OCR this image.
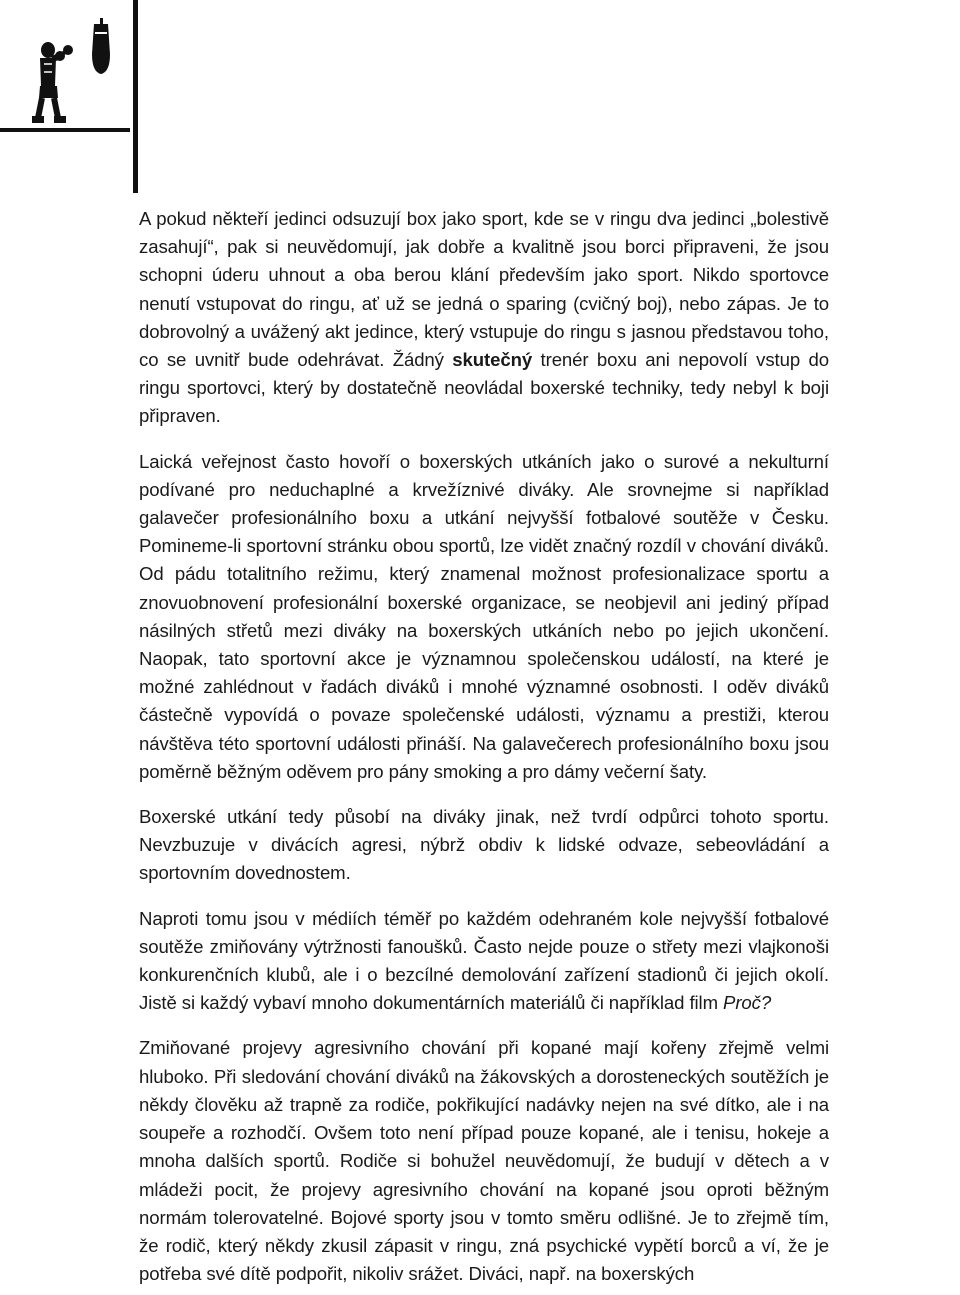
A pokud někteří jedinci odsuzují box jako sport, kde se v ringu dva jedinci „bolestivě zasahují“, pak si neuvědomují, jak dobře a kvalitně jsou borci připraveni, že jsou schopni úderu uhnout a oba berou klání především jako sport. Nikdo sportovce nenutí vstupovat do ringu, ať už se jedná o sparing (cvičný boj), nebo zápas. Je to dobrovolný a uvážený akt jedince, který vstupuje do ringu s jasnou představou toho, co se uvnitř bude odehrávat. Žádný skutečný trenér boxu ani nepovolí vstup do ringu sportovci, který by dostatečně neovládal boxerské techniky, tedy nebyl k boji připraven.

Laická veřejnost často hovoří o boxerských utkáních jako o surové a nekulturní podívané pro neduchaplné a krvežíznivé diváky. Ale srovnejme si například galavečer profesionálního boxu a utkání nejvyšší fotbalové soutěže v Česku. Pomineme-li sportovní stránku obou sportů, lze vidět značný rozdíl v chování diváků. Od pádu totalitního režimu, který znamenal možnost profesionalizace sportu a znovuobnovení profesionální boxerské organizace, se neobjevil ani jediný případ násilných střetů mezi diváky na boxerských utkáních nebo po jejich ukončení. Naopak, tato sportovní akce je významnou společenskou událostí, na které je možné zahlédnout v řadách diváků i mnohé významné osobnosti. I oděv diváků částečně vypovídá o povaze společenské události, významu a prestiži, kterou návštěva této sportovní události přináší. Na galavečerech profesionálního boxu jsou poměrně běžným oděvem pro pány smoking a pro dámy večerní šaty.

Boxerské utkání tedy působí na diváky jinak, než tvrdí odpůrci tohoto sportu. Nevzbuzuje v divácích agresi, nýbrž obdiv k lidské odvaze, sebeovládání a sportovním dovednostem.

Naproti tomu jsou v médiích téměř po každém odehraném kole nejvyšší fotbalové soutěže zmiňovány výtržnosti fanoušků. Často nejde pouze o střety mezi vlajkonoši konkurenčních klubů, ale i o bezcílné demolování zařízení stadionů či jejich okolí. Jistě si každý vybaví mnoho dokumentárních materiálů či například film Proč?

Zmiňované projevy agresivního chování při kopané mají kořeny zřejmě velmi hluboko. Při sledování chování diváků na žákovských a dorosteneckých soutěžích je někdy člověku až trapně za rodiče, pokřikující nadávky nejen na své dítko, ale i na soupeře a rozhodčí. Ovšem toto není případ pouze kopané, ale i tenisu, hokeje a mnoha dalších sportů. Rodiče si bohužel neuvědomují, že budují v dětech a v mládeži pocit, že projevy agresivního chování na kopané jsou oproti běžným normám tolerovatelné. Bojové sporty jsou v tomto směru odlišné. Je to zřejmě tím, že rodič, který někdy zkusil zápasit v ringu, zná psychické vypětí borců a ví, že je potřeba své dítě podpořit, nikoliv srážet. Diváci, např. na boxerských
